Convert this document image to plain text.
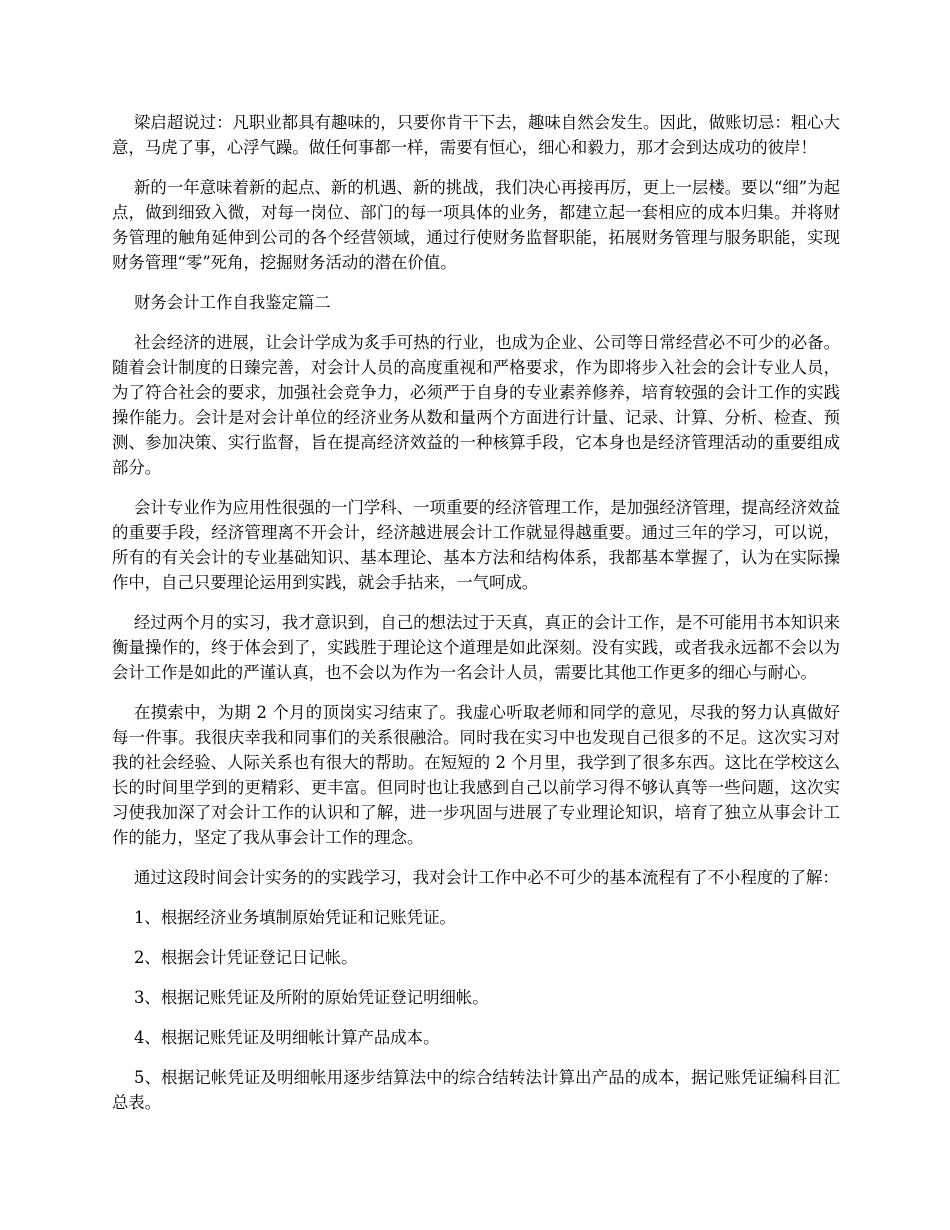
梁启超说过：凡职业都具有趣味的，只要你肯干下去，趣味自然会发生。因此，做账切忌：粗心大意，马虎了事，心浮气躁。做任何事都一样，需要有恒心，细心和毅力，那才会到达成功的彼岸！

新的一年意味着新的起点、新的机遇、新的挑战，我们决心再接再厉，更上一层楼。要以“细”为起点，做到细致入微，对每一岗位、部门的每一项具体的业务，都建立起一套相应的成本归集。并将财务管理的触角延伸到公司的各个经营领域，通过行使财务监督职能，拓展财务管理与服务职能，实现财务管理“零”死角，挖掘财务活动的潜在价值。

财务会计工作自我鉴定篇二

社会经济的进展，让会计学成为炙手可热的行业，也成为企业、公司等日常经营必不可少的必备。随着会计制度的日臻完善，对会计人员的高度重视和严格要求，作为即将步入社会的会计专业人员，为了符合社会的要求，加强社会竞争力，必须严于自身的专业素养修养，培育较强的会计工作的实践操作能力。会计是对会计单位的经济业务从数和量两个方面进行计量、记录、计算、分析、检查、预测、参加决策、实行监督，旨在提高经济效益的一种核算手段，它本身也是经济管理活动的重要组成部分。

会计专业作为应用性很强的一门学科、一项重要的经济管理工作，是加强经济管理，提高经济效益的重要手段，经济管理离不开会计，经济越进展会计工作就显得越重要。通过三年的学习，可以说，所有的有关会计的专业基础知识、基本理论、基本方法和结构体系，我都基本掌握了，认为在实际操作中，自己只要理论运用到实践，就会手拈来，一气呵成。

经过两个月的实习，我才意识到，自己的想法过于天真，真正的会计工作，是不可能用书本知识来衡量操作的，终于体会到了，实践胜于理论这个道理是如此深刻。没有实践，或者我永远都不会以为会计工作是如此的严谨认真，也不会以为作为一名会计人员，需要比其他工作更多的细心与耐心。

在摸索中，为期 2 个月的顶岗实习结束了。我虚心听取老师和同学的意见，尽我的努力认真做好每一件事。我很庆幸我和同事们的关系很融洽。同时我在实习中也发现自己很多的不足。这次实习对我的社会经验、人际关系也有很大的帮助。在短短的 2 个月里，我学到了很多东西。这比在学校这么长的时间里学到的更精彩、更丰富。但同时也让我感到自己以前学习得不够认真等一些问题，这次实习使我加深了对会计工作的认识和了解，进一步巩固与进展了专业理论知识，培育了独立从事会计工作的能力，坚定了我从事会计工作的理念。

通过这段时间会计实务的的实践学习，我对会计工作中必不可少的基本流程有了不小程度的了解：

1、根据经济业务填制原始凭证和记账凭证。

2、根据会计凭证登记日记帐。

3、根据记账凭证及所附的原始凭证登记明细帐。

4、根据记账凭证及明细帐计算产品成本。

5、根据记帐凭证及明细帐用逐步结算法中的综合结转法计算出产品的成本，据记账凭证编科目汇总表。
